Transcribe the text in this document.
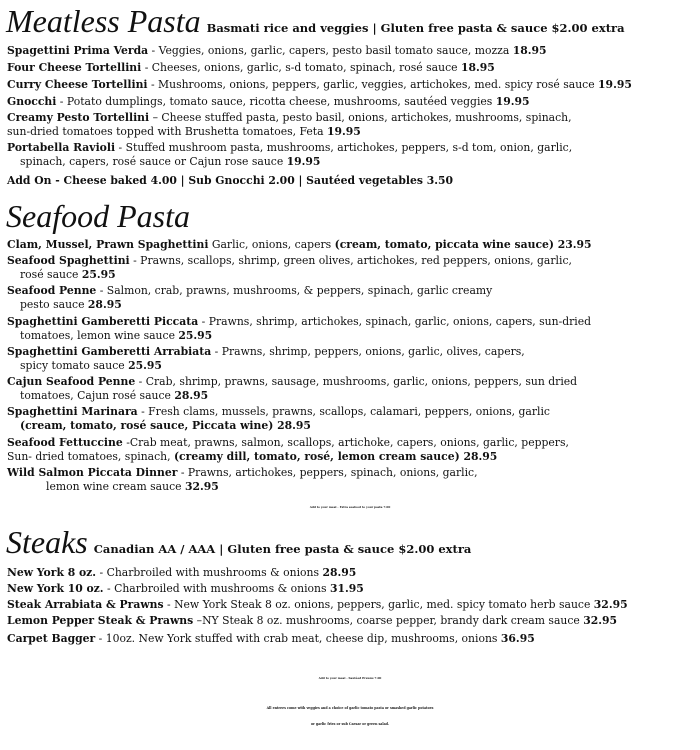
Meatless Pasta Basmati rice and veggies | Gluten free pasta & sauce $2.00 extra
Spagettini Prima Verda - Veggies, onions, garlic, capers, pesto basil tomato sauce, mozza 18.95
Four Cheese Tortellini - Cheeses, onions, garlic, s-d tomato, spinach, rosé sauce 18.95
Curry Cheese Tortellini - Mushrooms, onions, peppers, garlic, veggies, artichokes, med. spicy rosé sauce 19.95
Gnocchi - Potato dumplings, tomato sauce, ricotta cheese, mushrooms, sautéed veggies 19.95
Creamy Pesto Tortellini – Cheese stuffed pasta, pesto basil, onions, artichokes, mushrooms, spinach,
sun-dried tomatoes topped with Brushetta tomatoes, Feta 19.95
Portabella Ravioli - Stuffed mushroom pasta, mushrooms, artichokes, peppers, s-d tom, onion, garlic,
spinach, capers, rosé sauce or Cajun rose sauce 19.95
Add On - Cheese baked 4.00 | Sub Gnocchi 2.00 | Sautéed vegetables 3.50
Seafood Pasta
Clam, Mussel, Prawn Spaghettini Garlic, onions, capers (cream, tomato, piccata wine sauce) 23.95
Seafood Spaghettini - Prawns, scallops, shrimp, green olives, artichokes, red peppers, onions, garlic,
rosé sauce 25.95
Seafood Penne - Salmon, crab, prawns, mushrooms, & peppers, spinach, garlic creamy
pesto sauce 28.95
Spaghettini Gamberetti Piccata - Prawns, shrimp, artichokes, spinach, garlic, onions, capers, sun-dried
tomatoes, lemon wine sauce 25.95
Spaghettini Gamberetti Arrabiata - Prawns, shrimp, peppers, onions, garlic, olives, capers,
spicy tomato sauce 25.95
Cajun Seafood Penne - Crab, shrimp, prawns, sausage, mushrooms, garlic, onions, peppers, sun dried
tomatoes, Cajun rosé sauce 28.95
Spaghettini Marinara - Fresh clams, mussels, prawns, scallops, calamari, peppers, onions, garlic
(cream, tomato, rosé sauce, Piccata wine) 28.95
Seafood Fettuccine -Crab meat, prawns, salmon, scallops, artichoke, capers, onions, garlic, peppers,
Sun- dried tomatoes, spinach, (creamy dill, tomato, rosé, lemon cream sauce) 28.95
Wild Salmon Piccata Dinner - Prawns, artichokes, peppers, spinach, onions, garlic,
lemon wine cream sauce 32.95
Add to your meal - Extra seafood to your pasta 7.00
Steaks Canadian AA / AAA | Gluten free pasta & sauce $2.00 extra
New York 8 oz. - Charbroiled with mushrooms & onions 28.95
New York 10 oz. - Charbroiled with mushrooms & onions 31.95
Steak Arrabiata & Prawns - New York Steak 8 oz. onions, peppers, garlic, med. spicy tomato herb sauce 32.95
Lemon Pepper Steak & Prawns –NY Steak 8 oz. mushrooms, coarse pepper, brandy dark cream sauce 32.95
Carpet Bagger - 10oz. New York stuffed with crab meat, cheese dip, mushrooms, onions 36.95
Add to your meal - Sautéed Prawns 7.00
All entrees come with veggies and a choice of garlic tomato pasta or smashed garlic potatoes
or garlic fries or sub Caesar or green salad.
